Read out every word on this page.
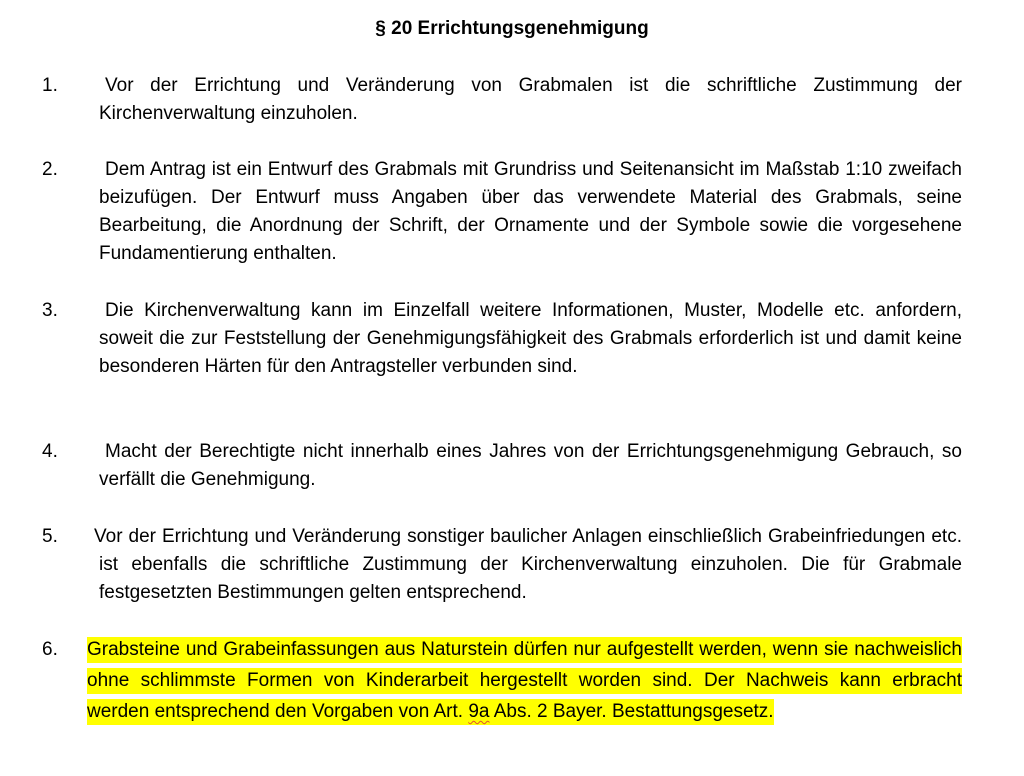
§ 20 Errichtungsgenehmigung
1.	Vor der Errichtung und Veränderung von Grabmalen ist die schriftliche Zustimmung der Kirchenverwaltung einzuholen.
2.	Dem Antrag ist ein Entwurf des Grabmals mit Grundriss und Seitenansicht im Maßstab 1:10 zweifach beizufügen. Der Entwurf muss Angaben über das verwendete Material des Grabmals, seine Bearbeitung, die Anordnung der Schrift, der Ornamente und der Symbole sowie die vorgesehene Fundamentierung enthalten.
3.	Die Kirchenverwaltung kann im Einzelfall weitere Informationen, Muster, Modelle etc. anfordern, soweit die zur Feststellung der Genehmigungsfähigkeit des Grabmals erforderlich ist und damit keine besonderen Härten für den Antragsteller verbunden sind.
4.	Macht der Berechtigte nicht innerhalb eines Jahres von der Errichtungsgenehmigung Gebrauch, so verfällt die Genehmigung.
5. Vor der Errichtung und Veränderung sonstiger baulicher Anlagen einschließlich Grabeinfriedungen etc. ist ebenfalls die schriftliche Zustimmung der Kirchenverwaltung einzuholen. Die für Grabmale festgesetzten Bestimmungen gelten entsprechend.
6. Grabsteine und Grabeinfassungen aus Naturstein dürfen nur aufgestellt werden, wenn sie nachweislich ohne schlimmste Formen von Kinderarbeit hergestellt worden sind. Der Nachweis kann erbracht werden entsprechend den Vorgaben von Art. 9a Abs. 2 Bayer. Bestattungsgesetz.
